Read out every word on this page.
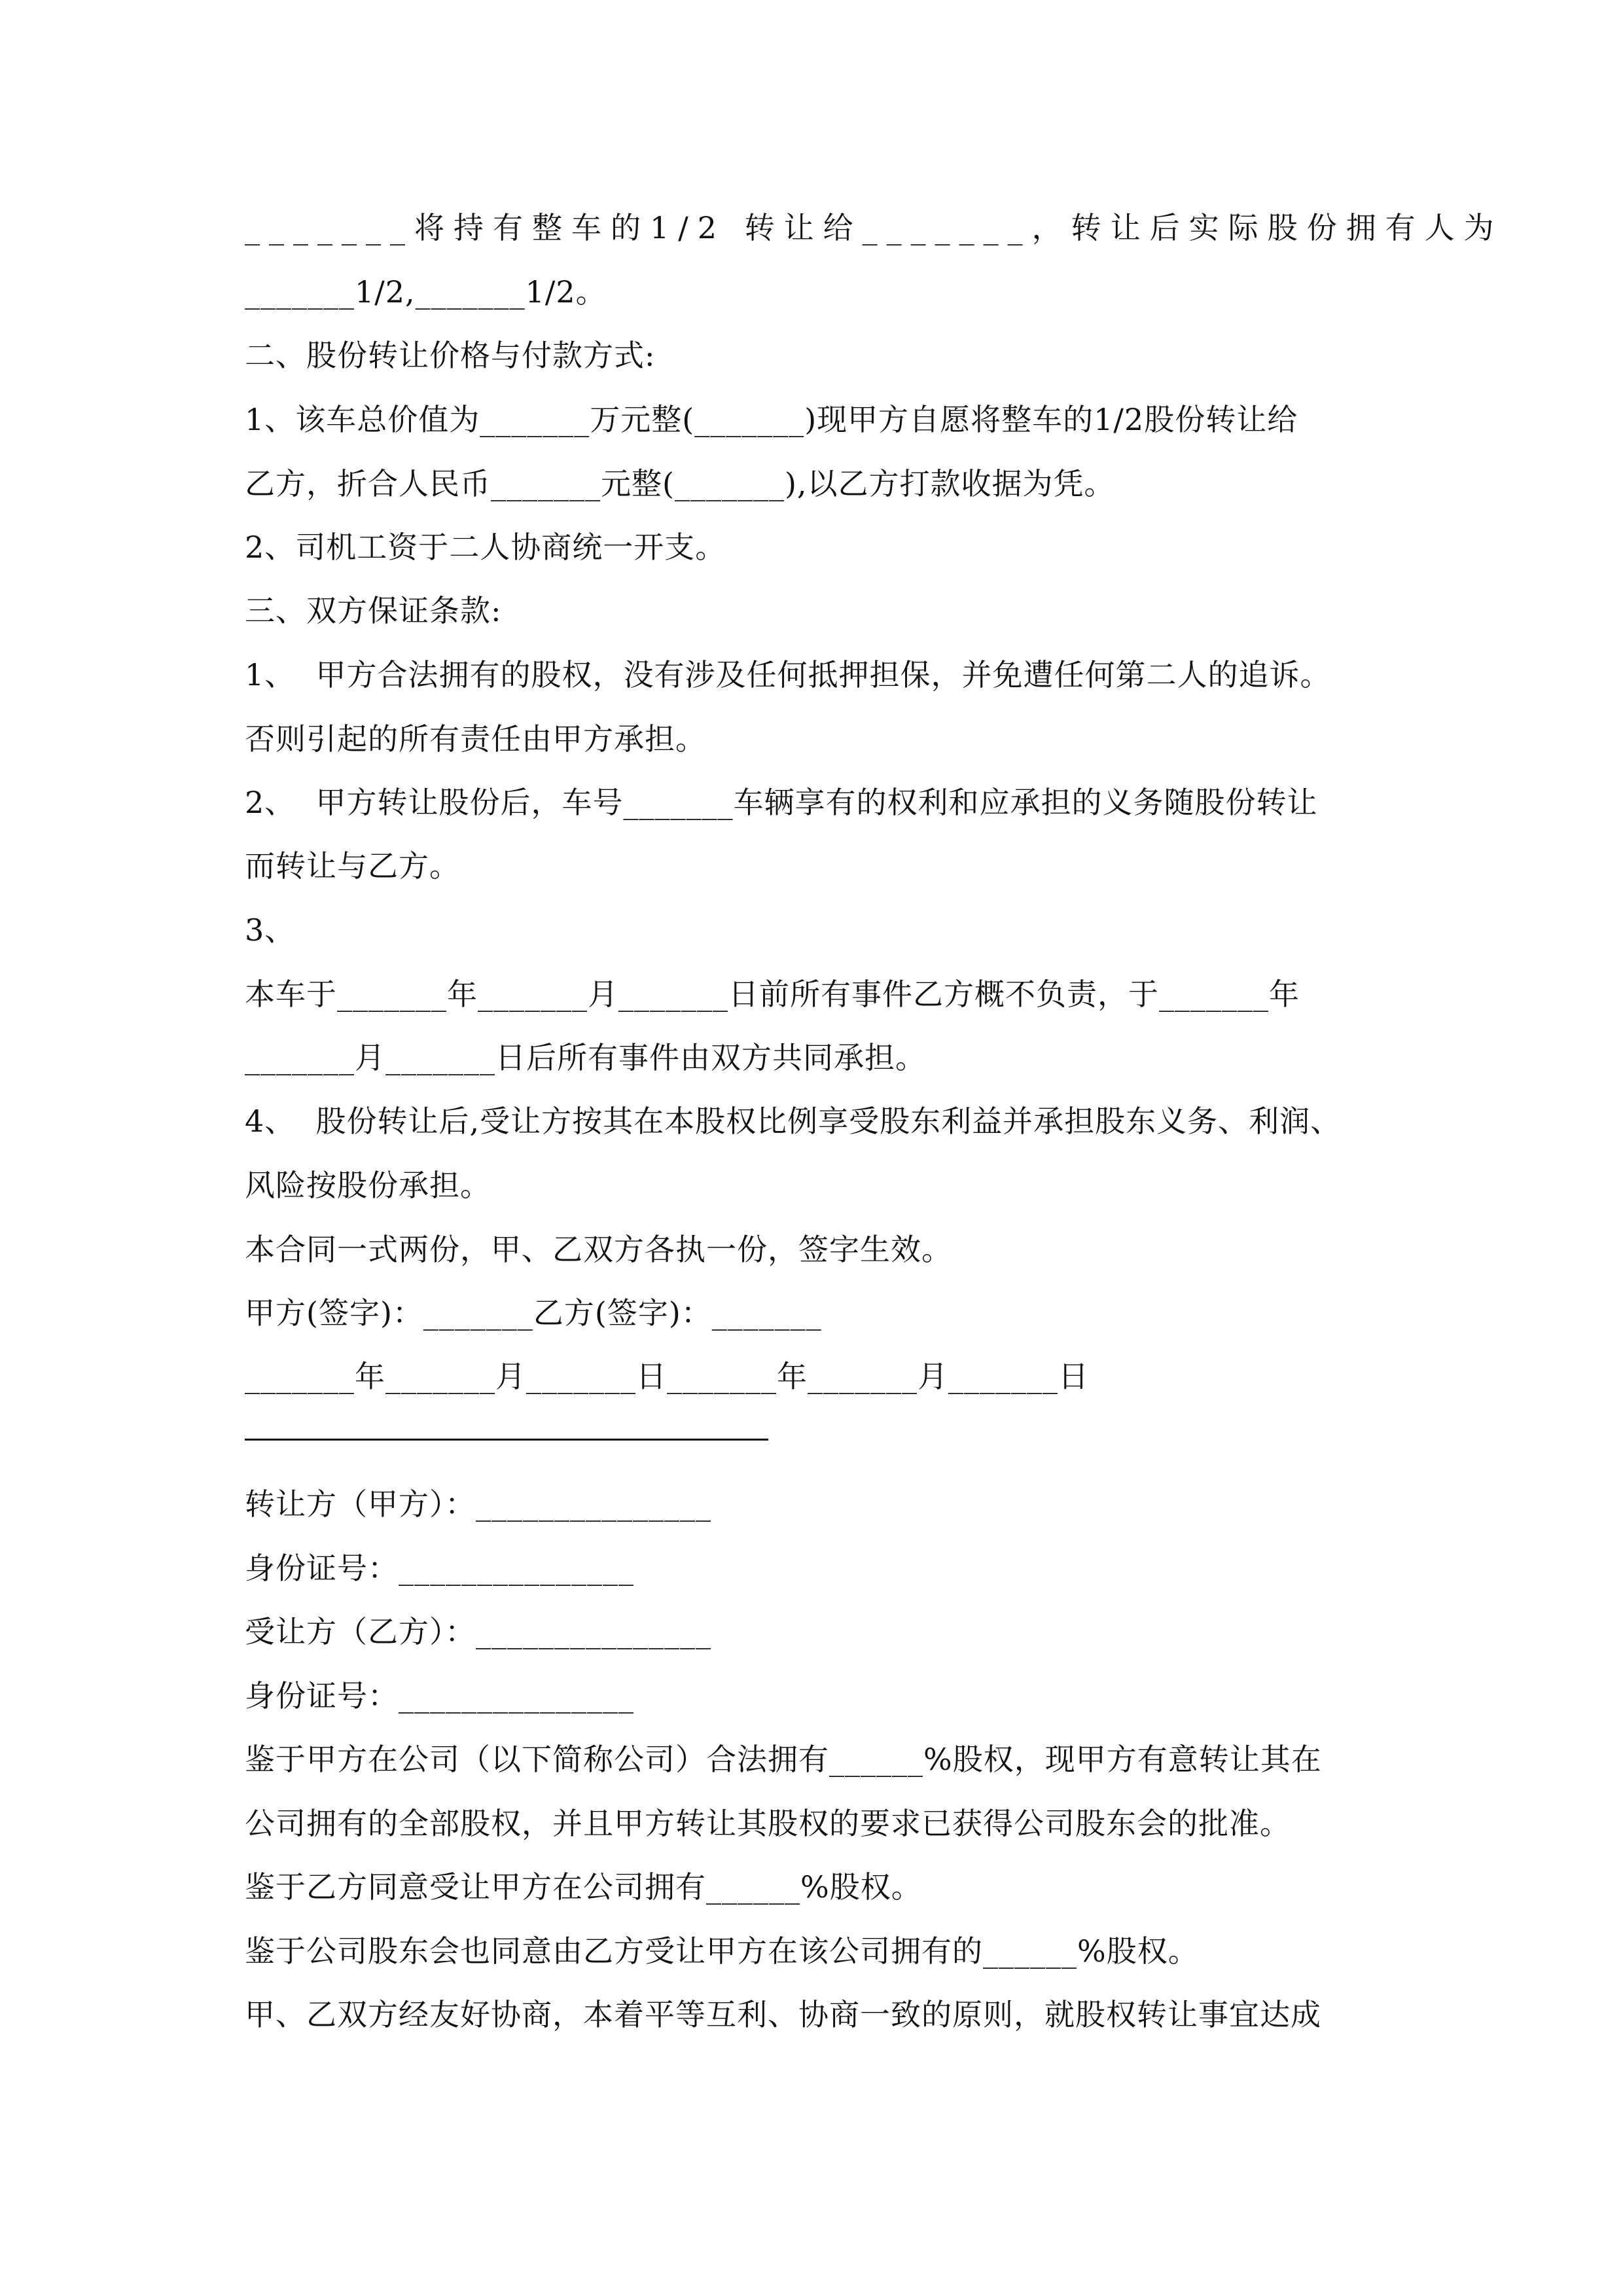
_______将持有整车的1/2 转让给_______，转让后实际股份拥有人为
_______1/2,_______1/2。
二、股份转让价格与付款方式:
1、该车总价值为_______万元整(_______)现甲方自愿将整车的1/2股份转让给
乙方，折合人民币_______元整(_______),以乙方打款收据为凭。
2、司机工资于二人协商统一开支。
三、双方保证条款:
1、  甲方合法拥有的股权，没有涉及任何抵押担保，并免遭任何第二人的追诉。
否则引起的所有责任由甲方承担。
2、  甲方转让股份后，车号_______车辆享有的权利和应承担的义务随股份转让
而转让与乙方。
3、
本车于_______年_______月_______日前所有事件乙方概不负责，于_______年
_______月_______日后所有事件由双方共同承担。
4、  股份转让后,受让方按其在本股权比例享受股东利益并承担股东义务、利润、
风险按股份承担。
本合同一式两份，甲、乙双方各执一份，签字生效。
甲方(签字)：_______乙方(签字)：_______
_______年_______月_______日_______年_______月_______日
转让方（甲方）：_______________
身份证号：_______________
受让方（乙方）：_______________
身份证号：_______________
鉴于甲方在公司（以下简称公司）合法拥有______%股权，现甲方有意转让其在
公司拥有的全部股权，并且甲方转让其股权的要求已获得公司股东会的批准。
鉴于乙方同意受让甲方在公司拥有______%股权。
鉴于公司股东会也同意由乙方受让甲方在该公司拥有的______%股权。
甲、乙双方经友好协商，本着平等互利、协商一致的原则，就股权转让事宜达成
